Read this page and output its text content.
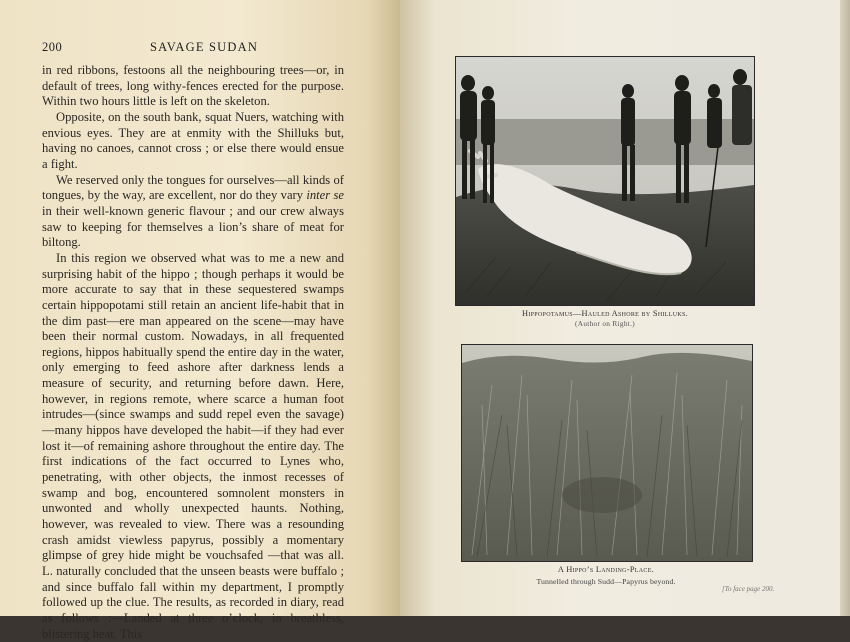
200	SAVAGE SUDAN

in red ribbons, festoons all the neighbouring trees—or, in default of trees, long withy-fences erected for the purpose. Within two hours little is left on the skeleton.

Opposite, on the south bank, squat Nuers, watching with envious eyes. They are at enmity with the Shilluks but, having no canoes, cannot cross ; or else there would ensue a fight.

We reserved only the tongues for ourselves—all kinds of tongues, by the way, are excellent, nor do they vary inter se in their well-known generic flavour ; and our crew always saw to keeping for themselves a lion’s share of meat for biltong.

In this region we observed what was to me a new and surprising habit of the hippo ; though perhaps it would be more accurate to say that in these sequestered swamps certain hippopotami still retain an ancient life-habit that in the dim past—ere man appeared on the scene—may have been their normal custom. Nowadays, in all frequented regions, hippos habitually spend the entire day in the water, only emerging to feed ashore after darkness lends a measure of security, and returning before dawn. Here, however, in regions remote, where scarce a human foot intrudes—(since swamps and sudd repel even the savage)—many hippos have developed the habit—if they had ever lost it—of remaining ashore throughout the entire day. The first indications of the fact occurred to Lynes who, penetrating, with other objects, the inmost recesses of swamp and bog, encountered somnolent monsters in unwonted and wholly unexpected haunts. Nothing, however, was revealed to view. There was a resounding crash amidst viewless papyrus, possibly a momentary glimpse of grey hide might be vouchsafed —that was all. L. naturally concluded that the unseen beasts were buffalo ; and since buffalo fall within my department, I promptly followed up the clue. The results, as recorded in diary, read as follows :—Landed at three o’clock, in breathless, blistering heat. This

Hippopotamus—Hauled Ashore by Shilluks.
(Author on Right.)
A Hippo’s Landing-Place.
Tunnelled through Sudd—Papyrus beyond.
[To face page 200.
